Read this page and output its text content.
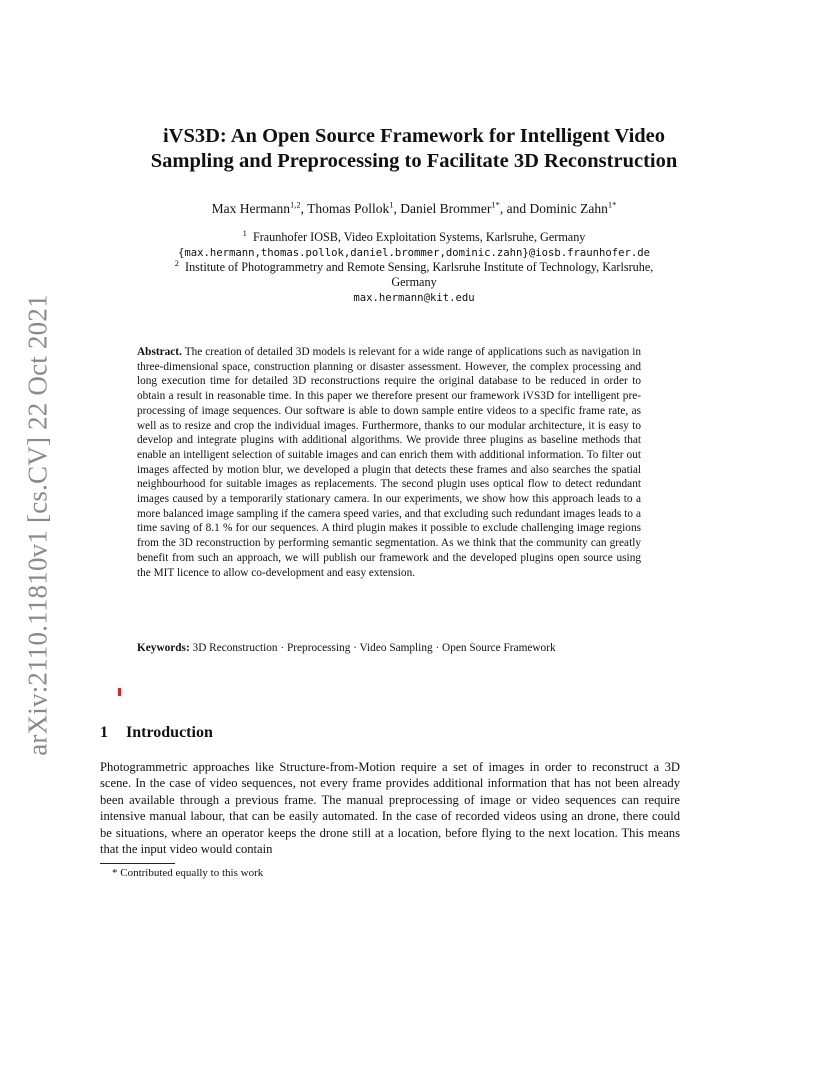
arXiv:2110.11810v1 [cs.CV] 22 Oct 2021
iVS3D: An Open Source Framework for Intelligent Video
Sampling and Preprocessing to Facilitate 3D Reconstruction
Max Hermann$^{1,2}$, Thomas Pollok$^1$, Daniel Brommer$^{1*}$, and Dominic Zahn$^{1*}$
$^1$ Fraunhofer IOSB, Video Exploitation Systems, Karlsruhe, Germany
{max.hermann,thomas.pollok,daniel.brommer,dominic.zahn}@iosb.fraunhofer.de
$^2$ Institute of Photogrammetry and Remote Sensing, Karlsruhe Institute of Technology, Karlsruhe,
Germany
max.hermann@kit.edu
Abstract. The creation of detailed 3D models is relevant for a wide range of applications such as navigation in three-dimensional space, construction planning or disaster assessment. However, the complex processing and long execution time for detailed 3D reconstructions require the original database to be reduced in order to obtain a result in reasonable time. In this paper we therefore present our framework iVS3D for intelligent pre-processing of image sequences. Our software is able to down sample entire videos to a specific frame rate, as well as to resize and crop the individual images. Furthermore, thanks to our modular architecture, it is easy to develop and integrate plugins with additional algorithms. We provide three plugins as baseline methods that enable an intelligent selection of suitable images and can enrich them with additional information. To filter out images affected by motion blur, we developed a plugin that detects these frames and also searches the spatial neighbourhood for suitable images as replacements. The second plugin uses optical flow to detect redundant images caused by a temporarily stationary camera. In our experiments, we show how this approach leads to a more balanced image sampling if the camera speed varies, and that excluding such redundant images leads to a time saving of 8.1 % for our sequences. A third plugin makes it possible to exclude challenging image regions from the 3D reconstruction by performing semantic segmentation. As we think that the community can greatly benefit from such an approach, we will publish our framework and the developed plugins open source using the MIT licence to allow co-development and easy extension.
Keywords: 3D Reconstruction · Preprocessing · Video Sampling · Open Source Framework
1 Introduction
Photogrammetric approaches like Structure-from-Motion require a set of images in order to reconstruct a 3D scene. In the case of video sequences, not every frame provides additional information that has not been already been available through a previous frame. The manual preprocessing of image or video sequences can require intensive manual labour, that can be easily automated. In the case of recorded videos using an drone, there could be situations, where an operator keeps the drone still at a location, before flying to the next location. This means that the input video would contain
* Contributed equally to this work
